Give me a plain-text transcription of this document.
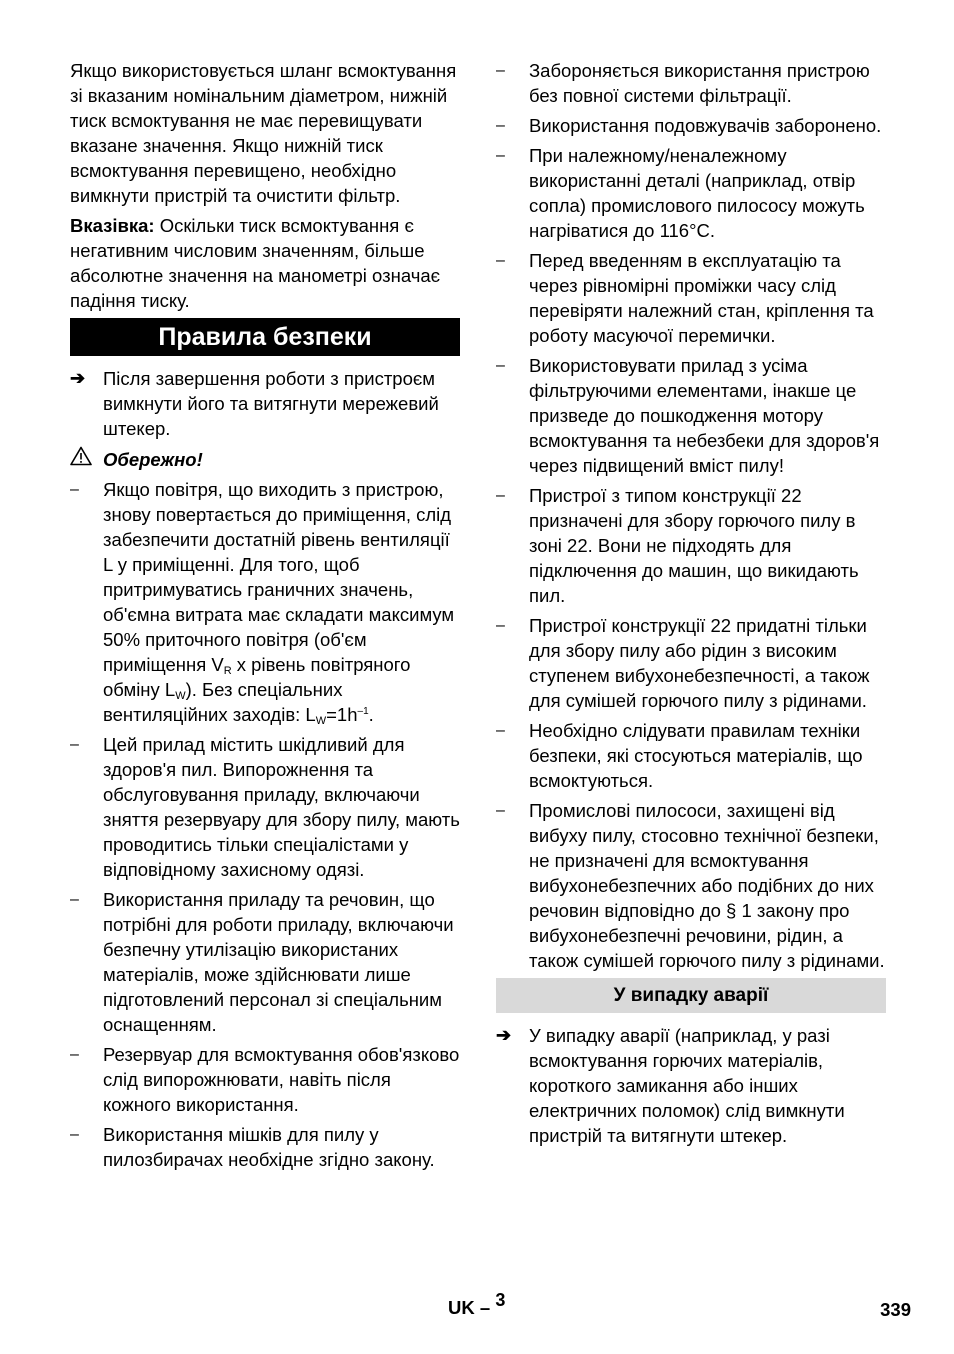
Якщо використовується шланг всмоктування зі вказаним номінальним діаметром, нижній тиск всмоктування не має перевищувати вказане значення. Якщо нижній тиск всмоктування перевищено, необхідно вимкнути пристрій та очистити фільтр.

Вказівка: Оскільки тиск всмоктування є негативним числовим значенням, більше абсолютне значення на манометрі означає падіння тиску.

Правила безпеки
➔ Після завершення роботи з пристроєм вимкнути його та витягнути мережевий штекер.
Обережно!
–	Якщо повітря, що виходить з пристрою, знову повертається до приміщення, слід забезпечити достатній рівень вентиляції L у приміщенні. Для того, щоб притримуватись граничних значень, об'ємна витрата має складати максимум 50% приточного повітря (об'єм приміщення $V_R$ х рівень повітряного обміну $L_W$). Без спеціальних вентиляційних заходів: $L_W=1h^{-1}$.
–	Цей прилад містить шкідливий для здоров'я пил. Випорожнення та обслуговування приладу, включаючи зняття резервуару для збору пилу, мають проводитись тільки спеціалістами у відповідному захисному одязі.
–	Використання приладу та речовин, що потрібні для роботи приладу, включаючи безпечну утилізацію використаних матеріалів, може здійснювати лише підготовлений персонал зі спеціальним оснащенням.
–	Резервуар для всмоктування обов'язково слід випорожнювати, навіть після кожного використання.
–	Використання мішків для пилу у пилозбирачах необхідне згідно закону.
–	Забороняється використання пристрою без повної системи фільтрації.
–	Використання подовжувачів заборонено.
–	При належному/неналежному використанні деталі (наприклад, отвір сопла) промислового пилососу можуть нагріватися до 116°C.
–	Перед введенням в експлуатацію та через рівномірні проміжки часу слід перевіряти належний стан, кріплення та роботу масуючої перемички.
–	Використовувати прилад з усіма фільтруючими елементами, інакше це призведе до пошкодження мотору всмоктування та небезбеки для здоров'я через підвищений вміст пилу!
–	Пристрої з типом конструкції 22 призначені для збору горючого пилу в зоні 22. Вони не підходять для підключення до машин, що викидають пил.
–	Пристрої конструкції 22 придатні тільки для збору пилу або рідин з високим ступенем вибухонебезпечності, а також для сумішей горючого пилу з рідинами.
–	Необхідно слідувати правилам техніки безпеки, які стосуються матеріалів, що всмоктуються.
–	Промислові пилососи, захищені від вибуху пилу, стосовно технічної безпеки, не призначені для всмоктування вибухонебезпечних або подібних до них речовин відповідно до § 1 закону про вибухонебезпечні речовини, рідин, а також сумішей горючого пилу з рідинами.
У випадку аварії
➔ У випадку аварії (наприклад, у разі всмоктування горючих матеріалів, короткого замикання або інших електричних поломок) слід вимкнути пристрій та витягнути штекер.
UK – $^3$	339
